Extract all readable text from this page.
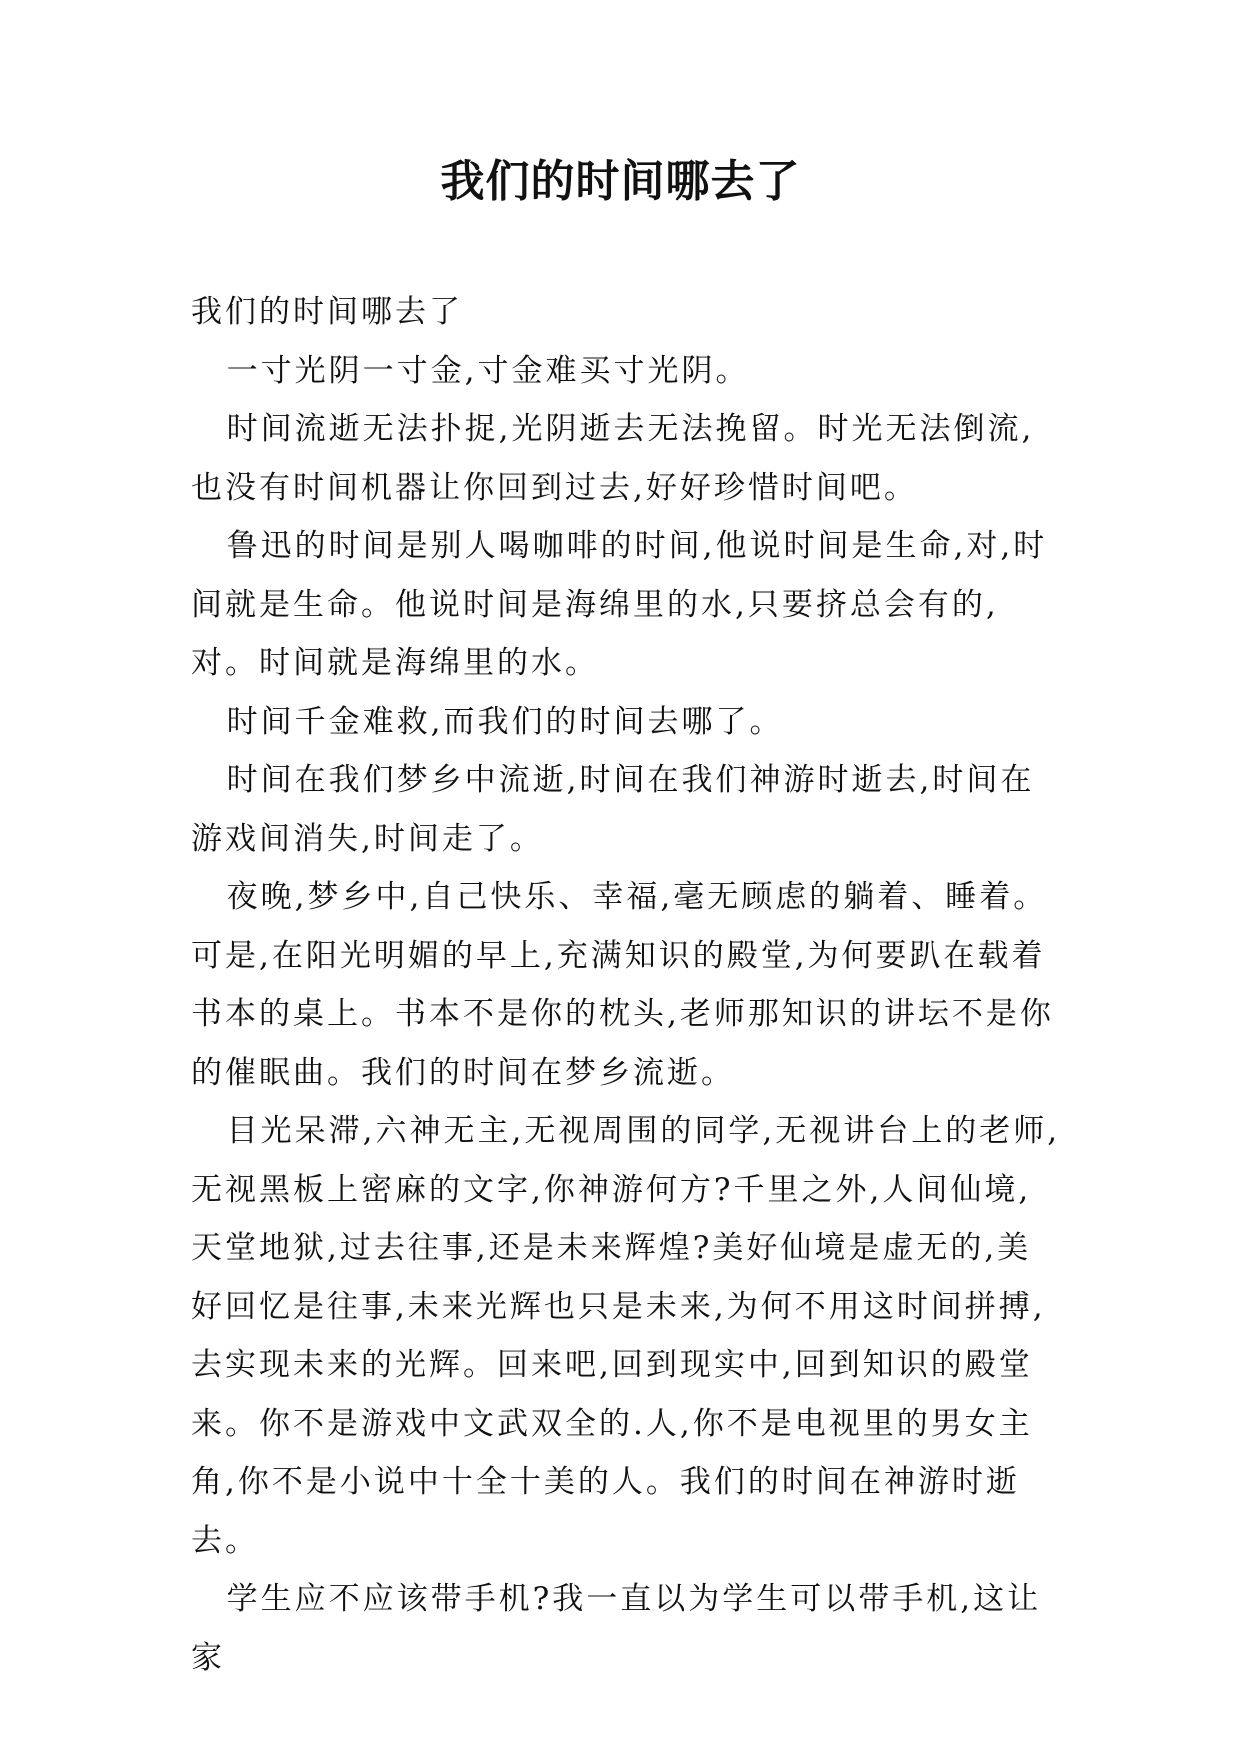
我们的时间哪去了

我们的时间哪去了

一寸光阴一寸金,寸金难买寸光阴。

时间流逝无法扑捉,光阴逝去无法挽留。时光无法倒流,也没有时间机器让你回到过去,好好珍惜时间吧。

鲁迅的时间是别人喝咖啡的时间,他说时间是生命,对,时间就是生命。他说时间是海绵里的水,只要挤总会有的,对。时间就是海绵里的水。

时间千金难救,而我们的时间去哪了。

时间在我们梦乡中流逝,时间在我们神游时逝去,时间在游戏间消失,时间走了。

夜晚,梦乡中,自己快乐、幸福,毫无顾虑的躺着、睡着。可是,在阳光明媚的早上,充满知识的殿堂,为何要趴在载着书本的桌上。书本不是你的枕头,老师那知识的讲坛不是你的催眠曲。我们的时间在梦乡流逝。

目光呆滞,六神无主,无视周围的同学,无视讲台上的老师,无视黑板上密麻的文字,你神游何方?千里之外,人间仙境,天堂地狱,过去往事,还是未来辉煌?美好仙境是虚无的,美好回忆是往事,未来光辉也只是未来,为何不用这时间拼搏,去实现未来的光辉。回来吧,回到现实中,回到知识的殿堂来。你不是游戏中文武双全的.人,你不是电视里的男女主角,你不是小说中十全十美的人。我们的时间在神游时逝去。

学生应不应该带手机?我一直以为学生可以带手机,这让家
